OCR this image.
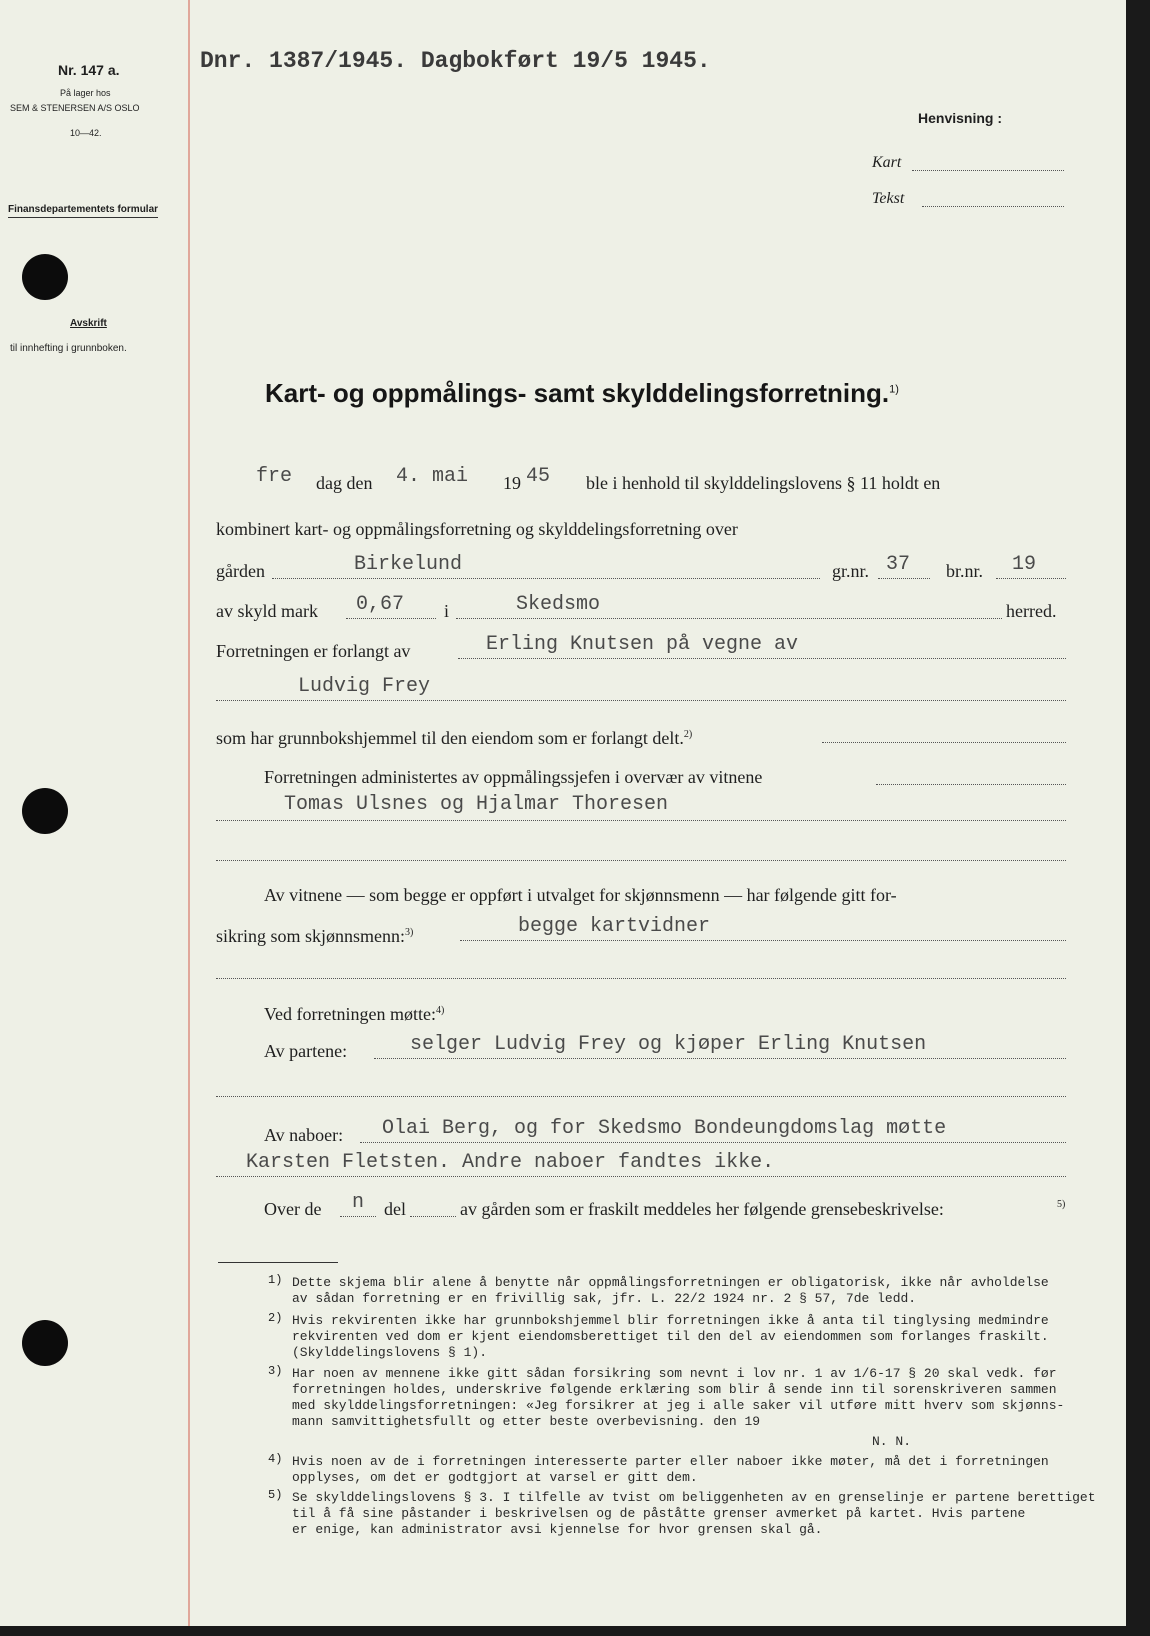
Nr. 147 a.
På lager hos
SEM & STENERSEN A/S OSLO
10—42.
Finansdepartementets formular
Avskrift
til innhefting i grunnboken.
Dnr. 1387/1945. Dagbokført 19/5 1945.
Henvisning :
Kart
Tekst
Kart- og oppmålings- samt skylddelingsforretning.$^{1)}$
fre dag den 4. mai 19 45 ble i henhold til skylddelingslovens § 11 holdt en
kombinert kart- og oppmålingsforretning og skylddelingsforretning over
gården	Birkelund	gr.nr. 37 br.nr. 19
av skyld mark 0,67 i	Skedsmo	herred.
Forretningen er forlangt av	Erling Knutsen på vegne av
Ludvig Frey
som har grunnbokshjemmel til den eiendom som er forlangt delt.$^{2)}$
Forretningen administertes av oppmålingssjefen i overvær av vitnene
Tomas Ulsnes og Hjalmar Thoresen
Av vitnene — som begge er oppført i utvalget for skjønnsmenn — har følgende gitt for-
sikring som skjønnsmenn:$^{3)}$	begge kartvidner
Ved forretningen møtte:$^{4)}$
Av partene:	selger Ludvig Frey og kjøper Erling Knutsen
Av naboer: Olai Berg, og for Skedsmo Bondeungdomslag møtte
Karsten Fletsten. Andre naboer fandtes ikke.
Over de n del	av gården som er fraskilt meddeles her følgende grensebeskrivelse:	5)
1) Dette skjema blir alene å benytte når oppmålingsforretningen er obligatorisk, ikke når avholdelse
av sådan forretning er en frivillig sak, jfr. L. 22/2 1924 nr. 2 § 57, 7de ledd.
2) Hvis rekvirenten ikke har grunnbokshjemmel blir forretningen ikke å anta til tinglysing medmindre
rekvirenten ved dom er kjent eiendomsberettiget til den del av eiendommen som forlanges fraskilt.
(Skylddelingslovens § 1).
3) Har noen av mennene ikke gitt sådan forsikring som nevnt i lov nr. 1 av 1/6-17 § 20 skal vedk. før
forretningen holdes, underskrive følgende erklæring som blir å sende inn til sorenskriveren sammen
med skylddelingsforretningen: «Jeg forsikrer at jeg i alle saker vil utføre mitt hverv som skjønns-
mann samvittighetsfullt og etter beste overbevisning. den 19
N. N.
4) Hvis noen av de i forretningen interesserte parter eller naboer ikke møter, må det i forretningen
opplyses, om det er godtgjort at varsel er gitt dem.
5) Se skylddelingslovens § 3. I tilfelle av tvist om beliggenheten av en grenselinje er partene berettiget
til å få sine påstander i beskrivelsen og de påståtte grenser avmerket på kartet. Hvis partene
er enige, kan administrator avsi kjennelse for hvor grensen skal gå.
